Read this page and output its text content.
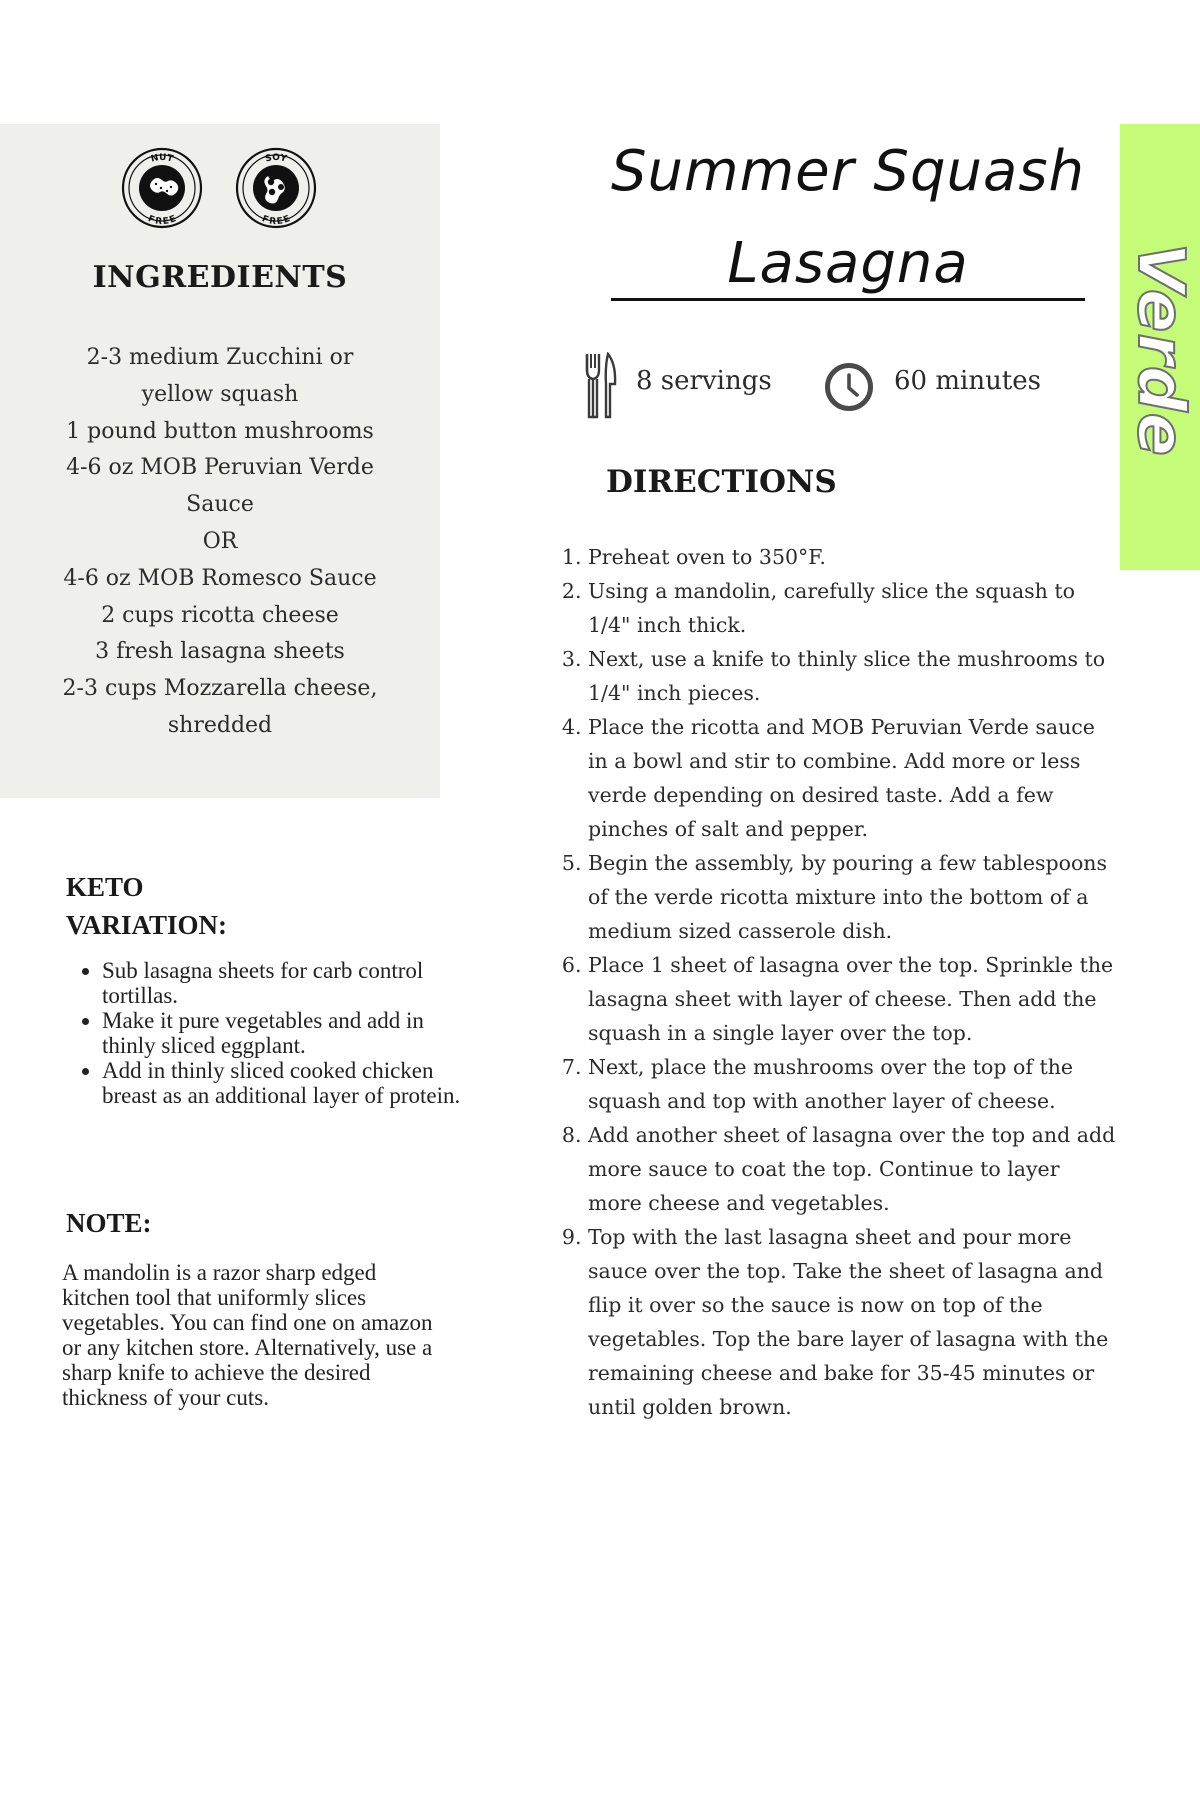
NUT
FREE
SOY
FREE
INGREDIENTS
2-3 medium Zucchini or
yellow squash
1 pound button mushrooms
4-6 oz MOB Peruvian Verde
Sauce
OR
4-6 oz MOB Romesco Sauce
2 cups ricotta cheese
3 fresh lasagna sheets
2-3 cups Mozzarella cheese,
shredded
KETO
VARIATION:
• Sub lasagna sheets for carb control tortillas.
• Make it pure vegetables and add in thinly sliced eggplant.
• Add in thinly sliced cooked chicken breast as an additional layer of protein.
NOTE:

A mandolin is a razor sharp edged kitchen tool that uniformly slices vegetables. You can find one on amazon or any kitchen store. Alternatively, use a sharp knife to achieve the desired thickness of your cuts.

Summer Squash
Lasagna
8 servings	60 minutes
DIRECTIONS
1. Preheat oven to 350°F.
2. Using a mandolin, carefully slice the squash to 1/4" inch thick.
3. Next, use a knife to thinly slice the mushrooms to 1/4" inch pieces.
4. Place the ricotta and MOB Peruvian Verde sauce in a bowl and stir to combine. Add more or less verde depending on desired taste. Add a few pinches of salt and pepper.
5. Begin the assembly, by pouring a few tablespoons of the verde ricotta mixture into the bottom of a medium sized casserole dish.
6. Place 1 sheet of lasagna over the top. Sprinkle the lasagna sheet with layer of cheese. Then add the squash in a single layer over the top.
7. Next, place the mushrooms over the top of the squash and top with another layer of cheese.
8. Add another sheet of lasagna over the top and add more sauce to coat the top. Continue to layer more cheese and vegetables.
9. Top with the last lasagna sheet and pour more sauce over the top. Take the sheet of lasagna and flip it over so the sauce is now on top of the vegetables. Top the bare layer of lasagna with the remaining cheese and bake for 35-45 minutes or until golden brown.
Verde
